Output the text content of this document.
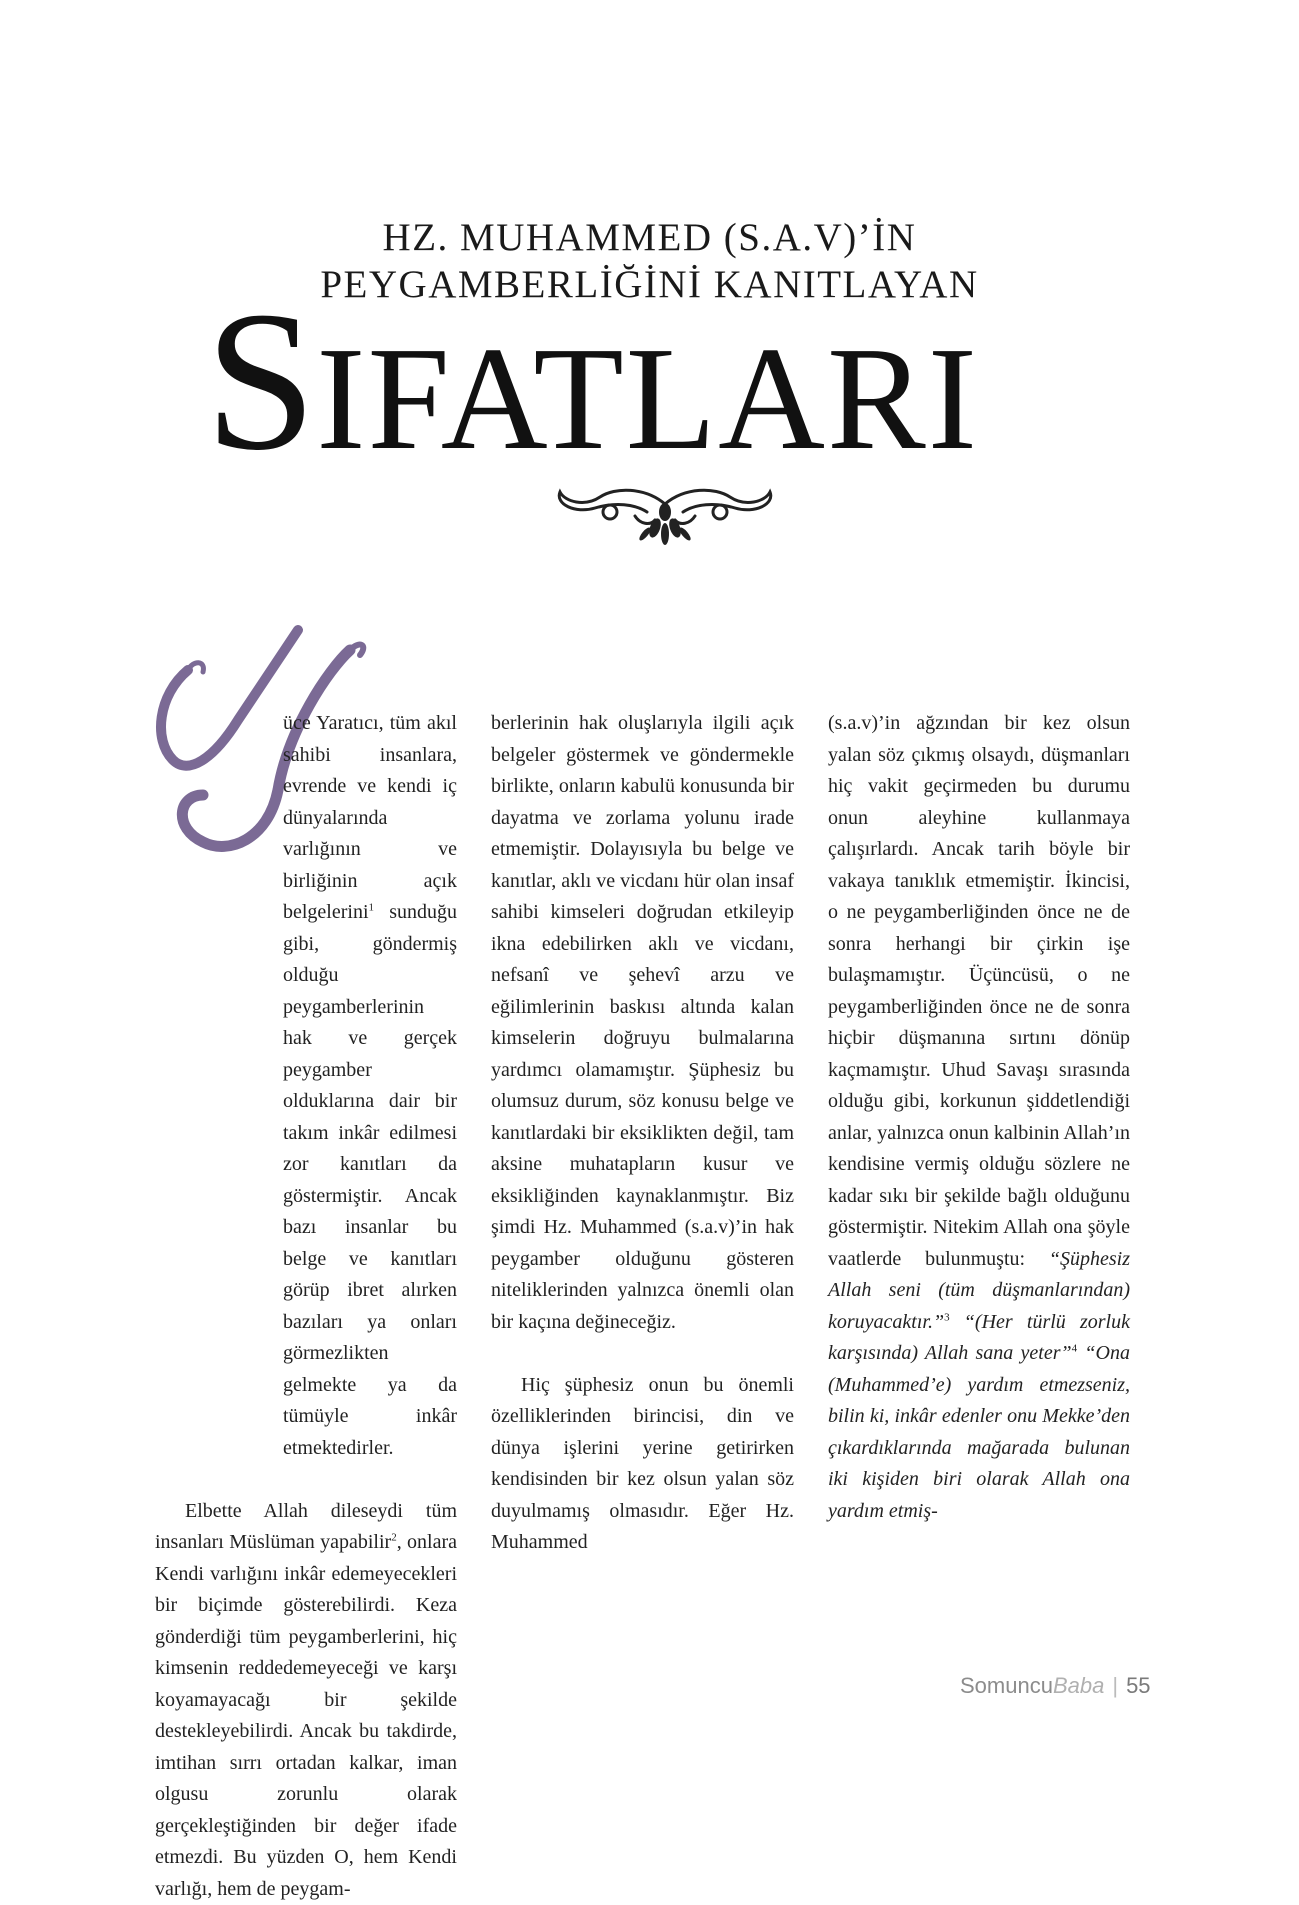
HZ. MUHAMMED (S.A.V)’İN
PEYGAMBERLİĞİNİ KANITLAYAN
SIFATLARI

üce Yaratıcı, tüm akıl sahibi insanlara, evrende ve kendi iç dünyalarında varlığının ve birliğinin açık belgelerini$^1$ sunduğu gibi, göndermiş olduğu peygamberlerinin hak ve gerçek peygamber olduklarına dair bir takım inkâr edilmesi zor kanıtları da göstermiştir. Ancak bazı insanlar bu belge ve kanıtları görüp ibret alırken bazıları ya onları görmezlikten gelmekte ya da tümüyle inkâr etmektedirler.

Elbette Allah dileseydi tüm insanları Müslüman yapabilir$^2$, onlara Kendi varlığını inkâr edemeyecekleri bir biçimde gösterebilirdi. Keza gönderdiği tüm peygamberlerini, hiç kimsenin reddedemeyeceği ve karşı koyamayacağı bir şekilde destekleyebilirdi. Ancak bu takdirde, imtihan sırrı ortadan kalkar, iman olgusu zorunlu olarak gerçekleştiğinden bir değer ifade etmezdi. Bu yüzden O, hem Kendi varlığı, hem de peygam-

berlerinin hak oluşlarıyla ilgili açık belgeler göstermek ve göndermekle birlikte, onların kabulü konusunda bir dayatma ve zorlama yolunu irade etmemiştir. Dolayısıyla bu belge ve kanıtlar, aklı ve vicdanı hür olan insaf sahibi kimseleri doğrudan etkileyip ikna edebilirken aklı ve vicdanı, nefsanî ve şehevî arzu ve eğilimlerinin baskısı altında kalan kimselerin doğruyu bulmalarına yardımcı olamamıştır. Şüphesiz bu olumsuz durum, söz konusu belge ve kanıtlardaki bir eksiklikten değil, tam aksine muhatapların kusur ve eksikliğinden kaynaklanmıştır. Biz şimdi Hz. Muhammed (s.a.v)’in hak peygamber olduğunu gösteren niteliklerinden yalnızca önemli olan bir kaçına değineceğiz.

Hiç şüphesiz onun bu önemli özelliklerinden birincisi, din ve dünya işlerini yerine getirirken kendisinden bir kez olsun yalan söz duyulmamış olmasıdır. Eğer Hz. Muhammed

(s.a.v)’in ağzından bir kez olsun yalan söz çıkmış olsaydı, düşmanları hiç vakit geçirmeden bu durumu onun aleyhine kullanmaya çalışırlardı. Ancak tarih böyle bir vakaya tanıklık etmemiştir. İkincisi, o ne peygamberliğinden önce ne de sonra herhangi bir çirkin işe bulaşmamıştır. Üçüncüsü, o ne peygamberliğinden önce ne de sonra hiçbir düşmanına sırtını dönüp kaçmamıştır. Uhud Savaşı sırasında olduğu gibi, korkunun şiddetlendiği anlar, yalnızca onun kalbinin Allah’ın kendisine vermiş olduğu sözlere ne kadar sıkı bir şekilde bağlı olduğunu göstermiştir. Nitekim Allah ona şöyle vaatlerde bulunmuştu: “Şüphesiz Allah seni (tüm düşmanlarından) koruyacaktır.”$^3$ “(Her türlü zorluk karşısında) Allah sana yeter”$^4$ “Ona (Muhammed’e) yardım etmezseniz, bilin ki, inkâr edenler onu Mekke’den çıkardıklarında mağarada bulunan iki kişiden biri olarak Allah ona yardım etmiş-

SomuncuBaba | 55
